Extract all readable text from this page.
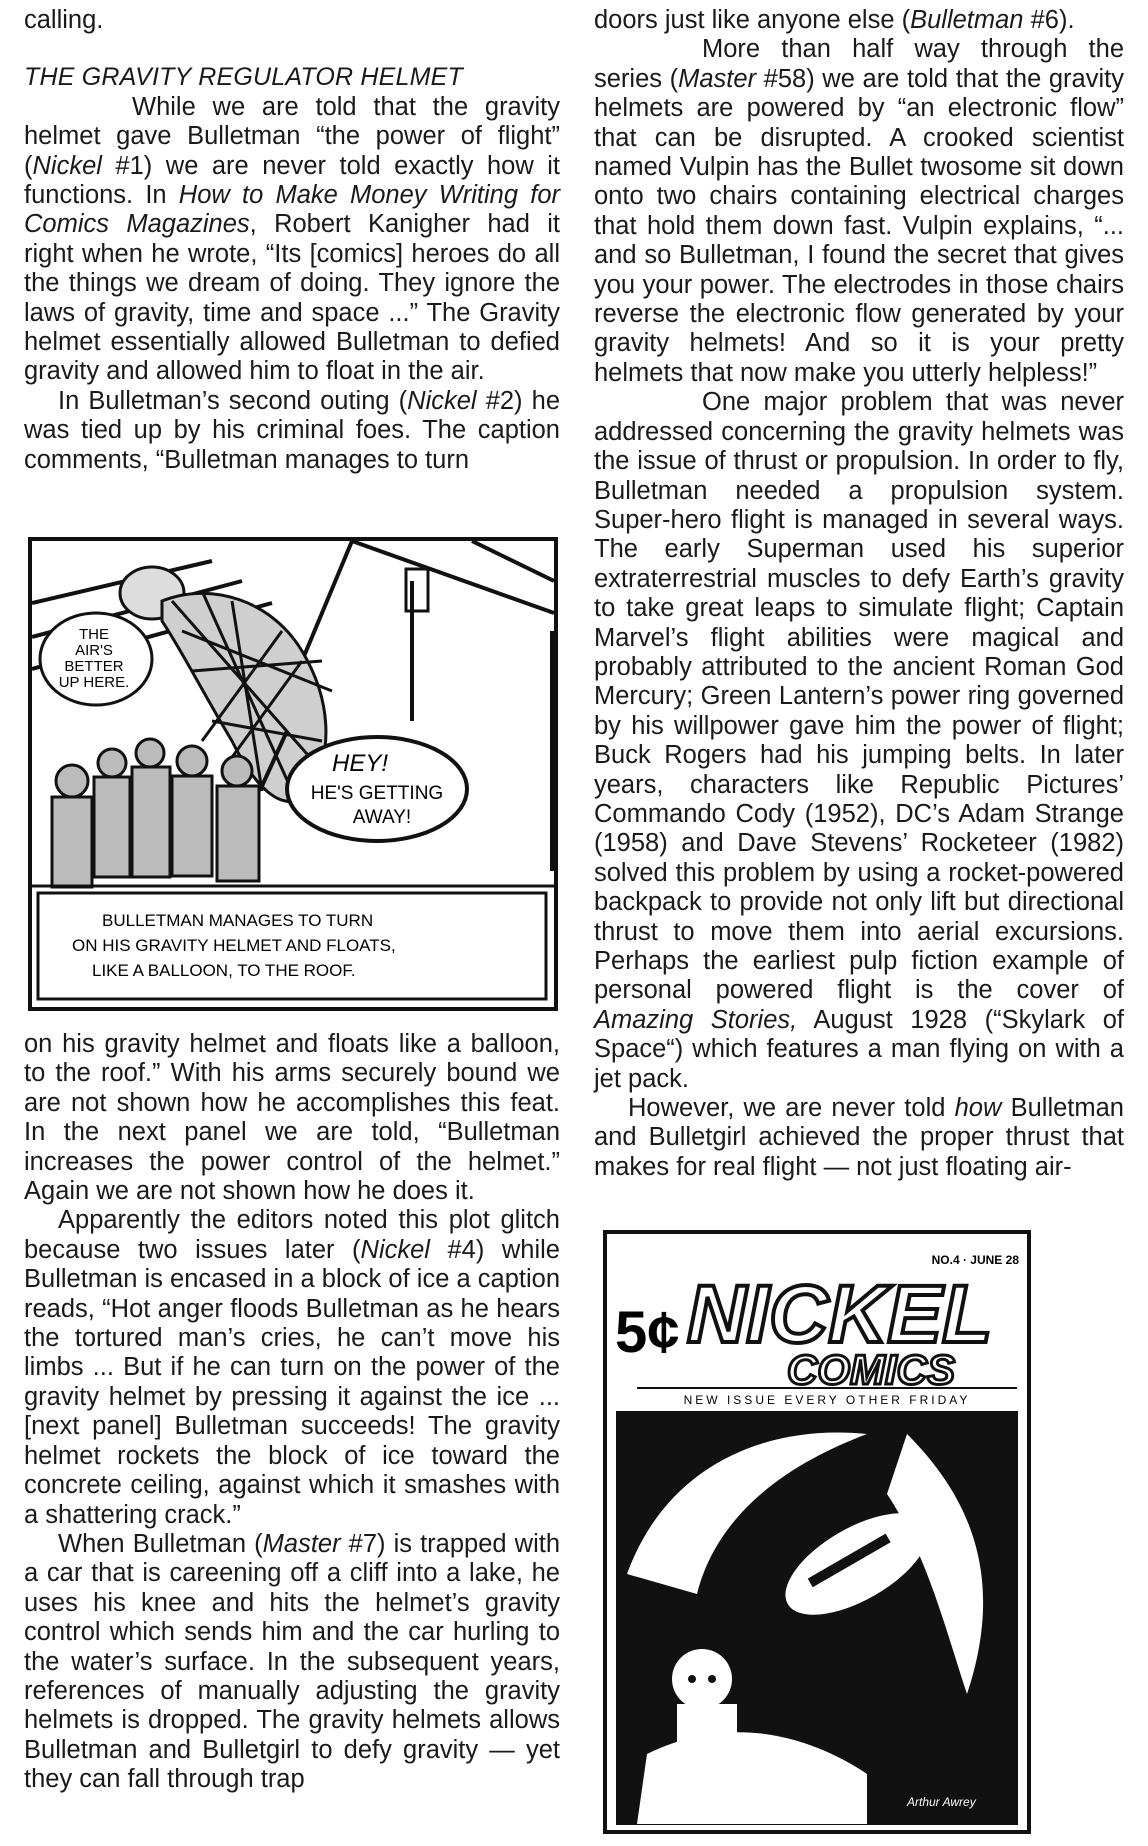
calling.

THE GRAVITY REGULATOR HELMET

While we are told that the gravity helmet gave Bulletman “the power of flight” (Nickel #1) we are never told exactly how it functions. In How to Make Money Writing for Comics Magazines, Robert Kanigher had it right when he wrote, “Its [comics] heroes do all the things we dream of doing. They ignore the laws of gravity, time and space ...” The Gravity helmet essentially allowed Bulletman to defied gravity and allowed him to float in the air.

In Bulletman’s second outing (Nickel #2) he was tied up by his criminal foes. The caption comments, “Bulletman manages to turn

THE
AIR'S
BETTER
UP HERE.
HEY!
HE'S GETTING
AWAY!
BULLETMAN MANAGES TO TURN
ON HIS GRAVITY HELMET AND FLOATS,
LIKE A BALLOON, TO THE ROOF.

on his gravity helmet and floats like a balloon, to the roof.” With his arms securely bound we are not shown how he accomplishes this feat. In the next panel we are told, “Bulletman increases the power control of the helmet.” Again we are not shown how he does it.

Apparently the editors noted this plot glitch because two issues later (Nickel #4) while Bulletman is encased in a block of ice a caption reads, “Hot anger floods Bulletman as he hears the tortured man’s cries, he can’t move his limbs ... But if he can turn on the power of the gravity helmet by pressing it against the ice ... [next panel] Bulletman succeeds! The gravity helmet rockets the block of ice toward the concrete ceiling, against which it smashes with a shattering crack.”

When Bulletman (Master #7) is trapped with a car that is careening off a cliff into a lake, he uses his knee and hits the helmet’s gravity control which sends him and the car hurling to the water’s surface. In the subsequent years, references of manually adjusting the gravity helmets is dropped. The gravity helmets allows Bulletman and Bulletgirl to defy gravity — yet they can fall through trap

doors just like anyone else (Bulletman #6).

More than half way through the series (Master #58) we are told that the gravity helmets are powered by “an electronic flow” that can be disrupted. A crooked scientist named Vulpin has the Bullet twosome sit down onto two chairs containing electrical charges that hold them down fast. Vulpin explains, “... and so Bulletman, I found the secret that gives you your power. The electrodes in those chairs reverse the electronic flow generated by your gravity helmets! And so it is your pretty helmets that now make you utterly helpless!”

One major problem that was never addressed concerning the gravity helmets was the issue of thrust or propulsion. In order to fly, Bulletman needed a propulsion system. Super-hero flight is managed in several ways. The early Superman used his superior extraterrestrial muscles to defy Earth’s gravity to take great leaps to simulate flight; Captain Marvel’s flight abilities were magical and probably attributed to the ancient Roman God Mercury; Green Lantern’s power ring governed by his willpower gave him the power of flight; Buck Rogers had his jumping belts. In later years, characters like Republic Pictures’ Commando Cody (1952), DC’s Adam Strange (1958) and Dave Stevens’ Rocketeer (1982) solved this problem by using a rocket-powered backpack to provide not only lift but directional thrust to move them into aerial excursions. Perhaps the earliest pulp fiction example of personal powered flight is the cover of Amazing Stories, August 1928 (“Skylark of Space“) which features a man flying on with a jet pack.

However, we are never told how Bulletman and Bulletgirl achieved the proper thrust that makes for real flight — not just floating air-

NO.4 · JUNE 28
5¢ NICKEL
COMICS
NEW ISSUE EVERY OTHER FRIDAY
Arthur Awrey
